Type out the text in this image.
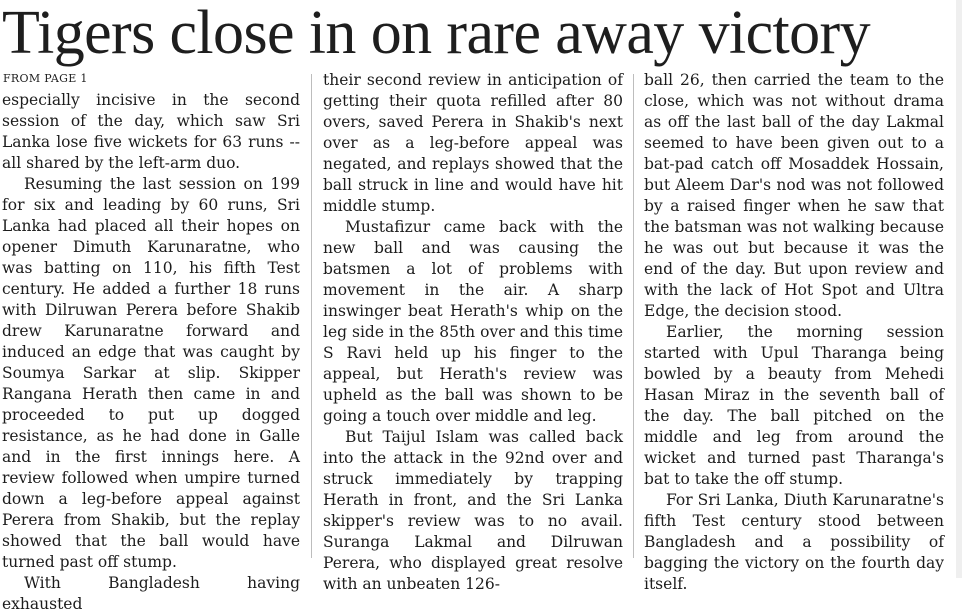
Tigers close in on rare away victory
FROM PAGE 1

especially incisive in the second session of the day, which saw Sri Lanka lose five wickets for 63 runs -- all shared by the left-arm duo.

Resuming the last session on 199 for six and leading by 60 runs, Sri Lanka had placed all their hopes on opener Dimuth Karunaratne, who was batting on 110, his fifth Test century. He added a further 18 runs with Dilruwan Perera before Shakib drew Karunaratne forward and induced an edge that was caught by Soumya Sarkar at slip. Skipper Rangana Herath then came in and proceeded to put up dogged resistance, as he had done in Galle and in the first innings here. A review followed when umpire turned down a leg-before appeal against Perera from Shakib, but the replay showed that the ball would have turned past off stump.

With Bangladesh having exhausted

their second review in anticipation of getting their quota refilled after 80 overs, saved Perera in Shakib's next over as a leg-before appeal was negated, and replays showed that the ball struck in line and would have hit middle stump.

Mustafizur came back with the new ball and was causing the batsmen a lot of problems with movement in the air. A sharp inswinger beat Herath's whip on the leg side in the 85th over and this time S Ravi held up his finger to the appeal, but Herath's review was upheld as the ball was shown to be going a touch over middle and leg.

But Taijul Islam was called back into the attack in the 92nd over and struck immediately by trapping Herath in front, and the Sri Lanka skipper's review was to no avail. Suranga Lakmal and Dilruwan Perera, who displayed great resolve with an unbeaten 126-

ball 26, then carried the team to the close, which was not without drama as off the last ball of the day Lakmal seemed to have been given out to a bat-pad catch off Mosaddek Hossain, but Aleem Dar's nod was not followed by a raised finger when he saw that the batsman was not walking because he was out but because it was the end of the day. But upon review and with the lack of Hot Spot and Ultra Edge, the decision stood.

Earlier, the morning session started with Upul Tharanga being bowled by a beauty from Mehedi Hasan Miraz in the seventh ball of the day. The ball pitched on the middle and leg from around the wicket and turned past Tharanga's bat to take the off stump.

For Sri Lanka, Diuth Karunaratne's fifth Test century stood between Bangladesh and a possibility of bagging the victory on the fourth day itself.
